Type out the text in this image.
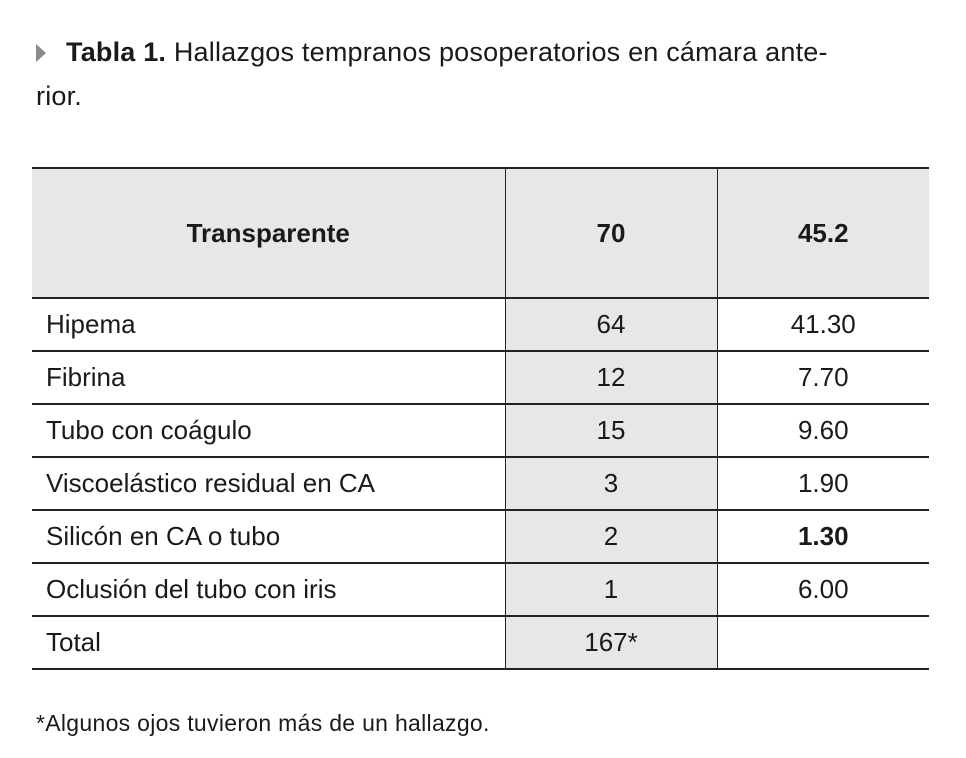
Tabla 1. Hallazgos tempranos posoperatorios en cámara ante-
rior.
Transparente	70	45.2
Hipema	64	41.30
Fibrina	12	7.70
Tubo con coágulo	15	9.60
Viscoelástico residual en CA	3	1.90
Silicón en CA o tubo	2	1.30
Oclusión del tubo con iris	1	6.00
Total	167*	
*Algunos ojos tuvieron más de un hallazgo.
